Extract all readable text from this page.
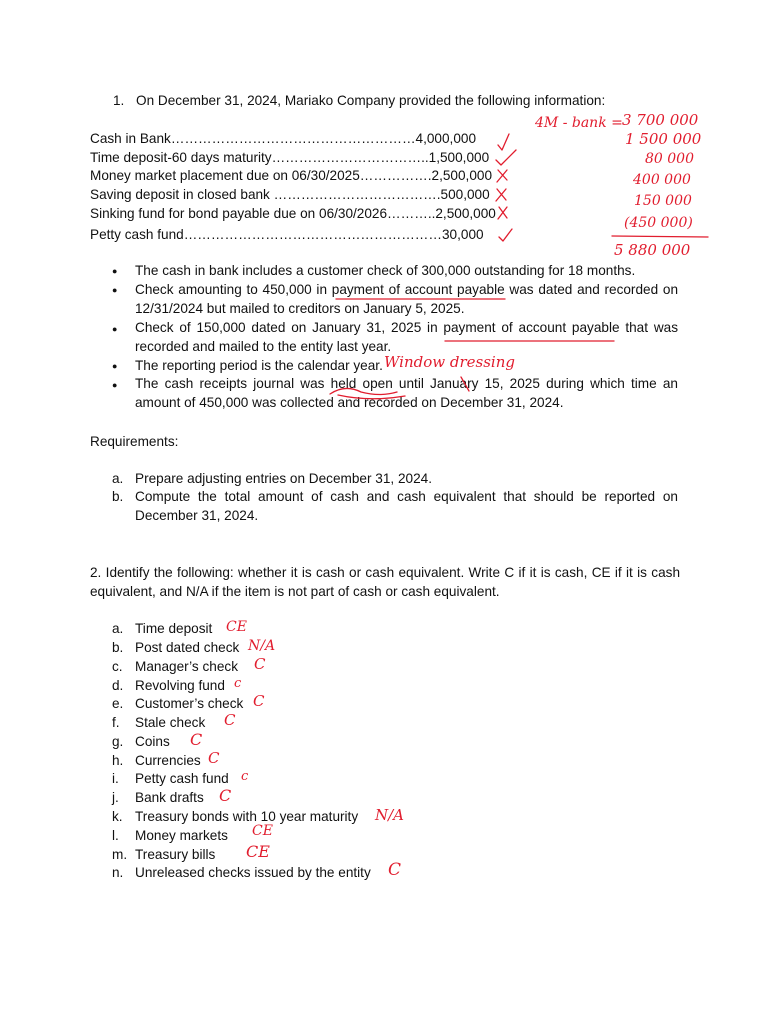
1. On December 31, 2024, Mariako Company provided the following information:
Cash in Bank………………………………………………4,000,000
Time deposit-60 days maturity……………………………..1,500,000
Money market placement due on 06/30/2025…………….2,500,000
Saving deposit in closed bank ……………………………….500,000
Sinking fund for bond payable due on 06/30/2026………..2,500,000
Petty cash fund…………………………………………………30,000
● The cash in bank includes a customer check of 300,000 outstanding for 18 months.
● Check amounting to 450,000 in payment of account payable was dated and recorded on 12/31/2024 but mailed to creditors on January 5, 2025.
● Check of 150,000 dated on January 31, 2025 in payment of account payable that was recorded and mailed to the entity last year.
● The reporting period is the calendar year.
● The cash receipts journal was held open until January 15, 2025 during which time an amount of 450,000 was collected and recorded on December 31, 2024.
Requirements:
a. Prepare adjusting entries on December 31, 2024.
b. Compute the total amount of cash and cash equivalent that should be reported on December 31, 2024.
2. Identify the following: whether it is cash or cash equivalent. Write C if it is cash, CE if it is cash equivalent, and N/A if the item is not part of cash or cash equivalent.
a. Time deposit
b. Post dated check
c. Manager’s check
d. Revolving fund
e. Customer’s check
f. Stale check
g. Coins
h. Currencies
i. Petty cash fund
j. Bank drafts
k. Treasury bonds with 10 year maturity
l. Money markets
m. Treasury bills
n. Unreleased checks issued by the entity
4M - bank = 3 700 000
1 500 000
80 000
400 000
150 000
(450 000)
5 880 000
Window dressing
CE
N/A
C
c
C
C
C
C
c
C
N/A
CE
CE
C
